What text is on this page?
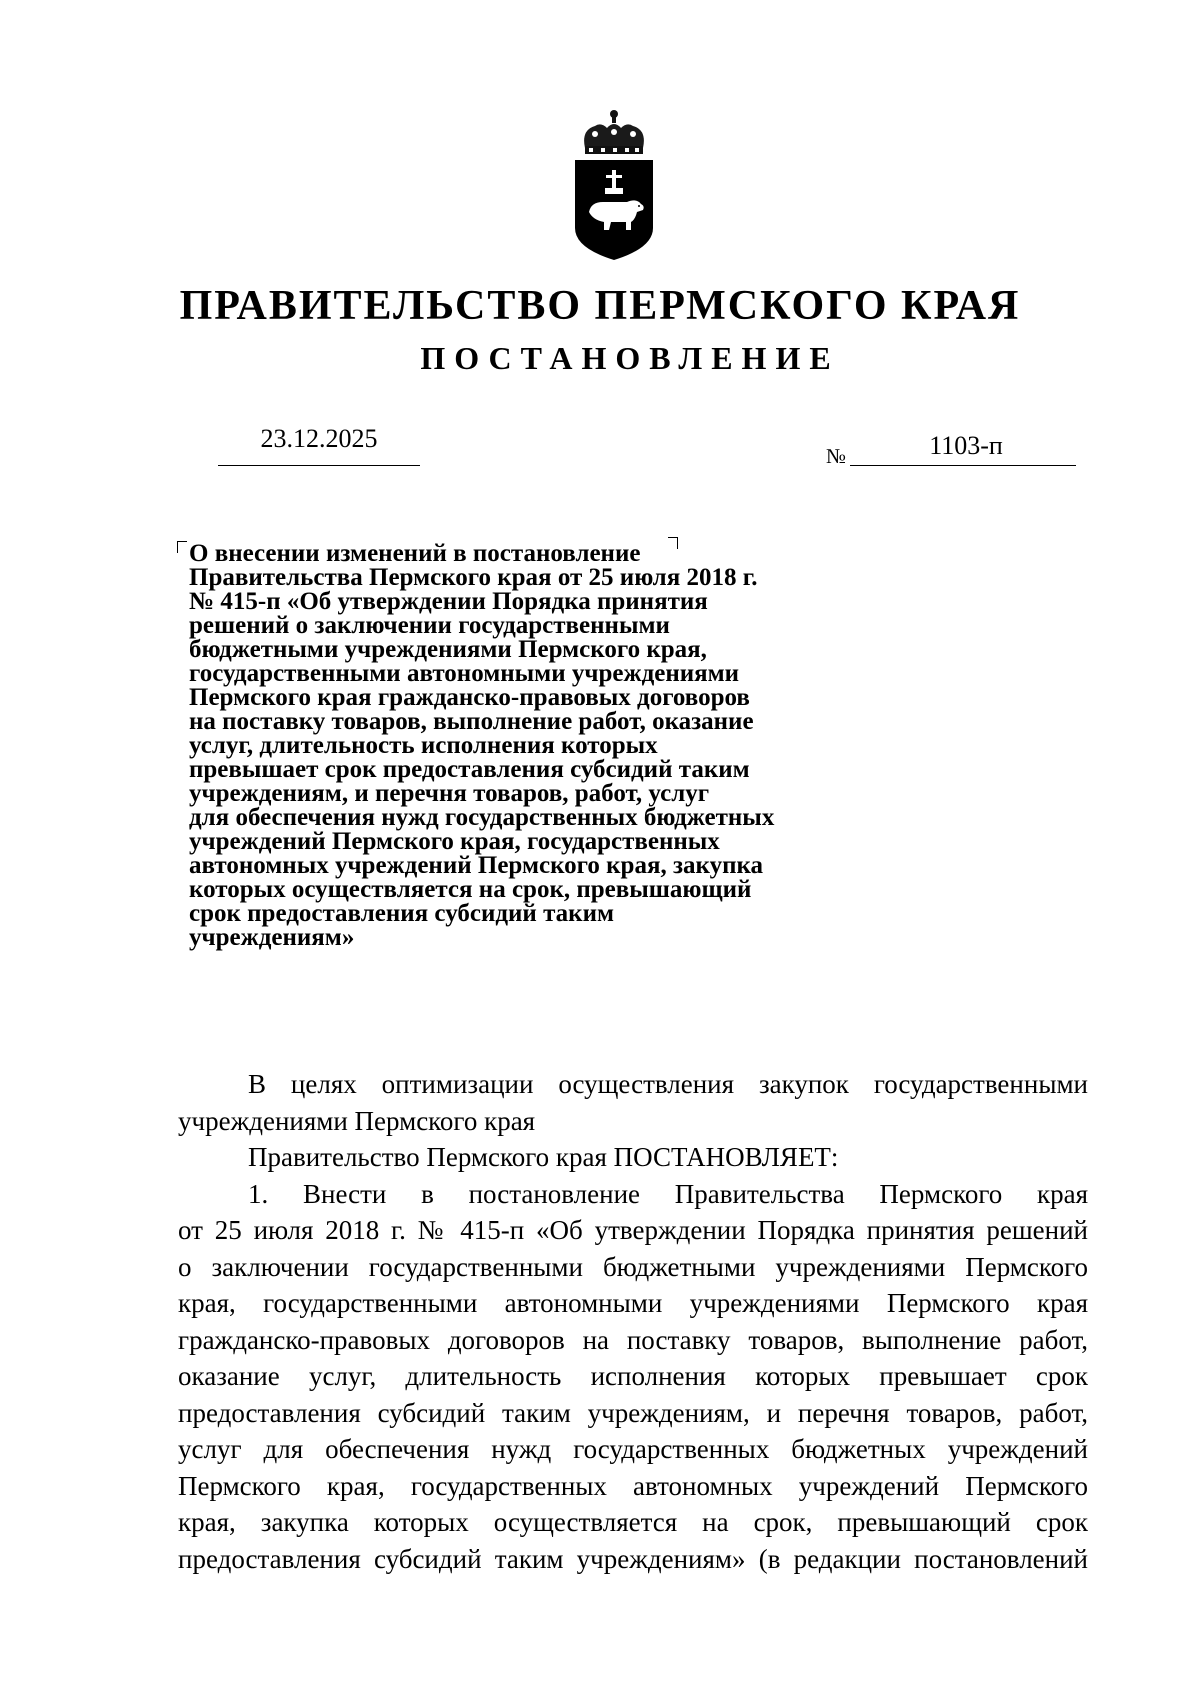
ПРАВИТЕЛЬСТВО ПЕРМСКОГО КРАЯ
ПОСТАНОВЛЕНИЕ
23.12.2025
№	1103-п
О внесении изменений в постановление
Правительства Пермского края от 25 июля 2018 г.
№ 415-п «Об утверждении Порядка принятия
решений о заключении государственными
бюджетными учреждениями Пермского края,
государственными автономными учреждениями
Пермского края гражданско-правовых договоров
на поставку товаров, выполнение работ, оказание
услуг, длительность исполнения которых
превышает срок предоставления субсидий таким
учреждениям, и перечня товаров, работ, услуг
для обеспечения нужд государственных бюджетных
учреждений Пермского края, государственных
автономных учреждений Пермского края, закупка
которых осуществляется на срок, превышающий
срок предоставления субсидий таким
учреждениям»
В целях оптимизации осуществления закупок государственными
учреждениями Пермского края
Правительство Пермского края ПОСТАНОВЛЯЕТ:
1. Внести в постановление Правительства Пермского края
от 25 июля 2018 г. № 415-п «Об утверждении Порядка принятия решений
о заключении государственными бюджетными учреждениями Пермского
края, государственными автономными учреждениями Пермского края
гражданско-правовых договоров на поставку товаров, выполнение работ,
оказание услуг, длительность исполнения которых превышает срок
предоставления субсидий таким учреждениям, и перечня товаров, работ,
услуг для обеспечения нужд государственных бюджетных учреждений
Пермского края, государственных автономных учреждений Пермского
края, закупка которых осуществляется на срок, превышающий срок
предоставления субсидий таким учреждениям» (в редакции постановлений
